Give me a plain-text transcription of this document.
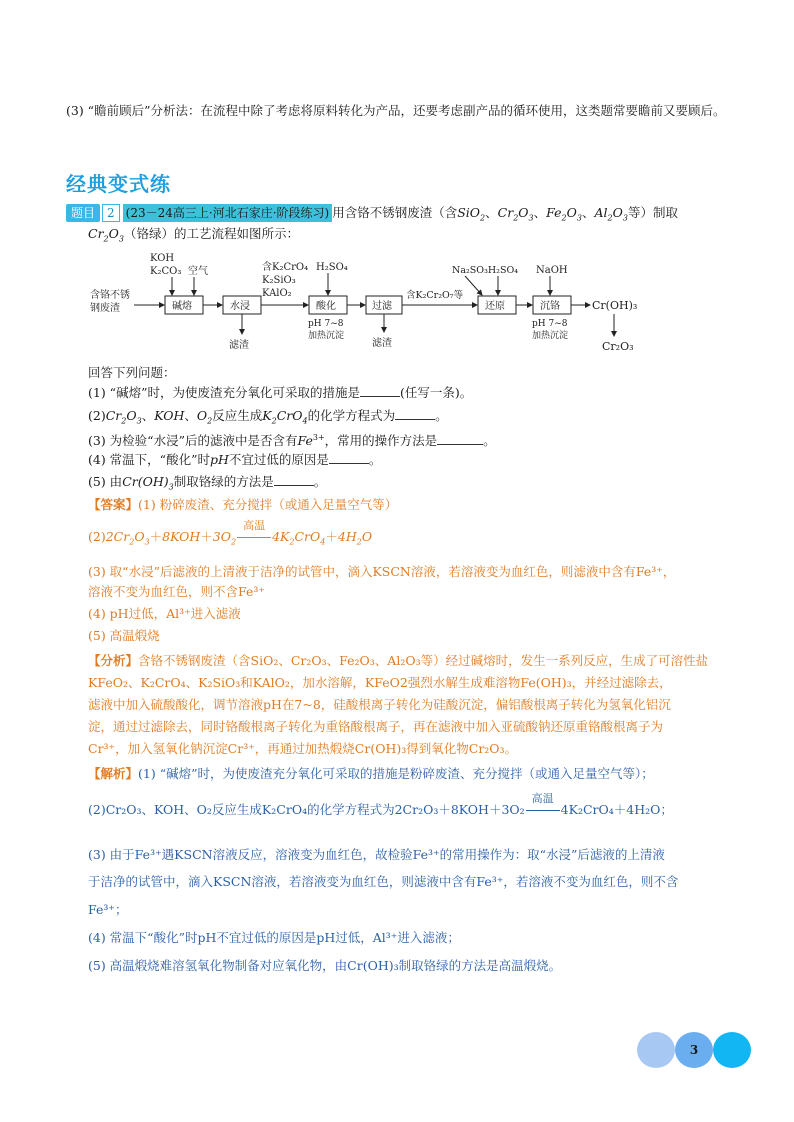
(3) “瞻前顾后”分析法：在流程中除了考虑将原料转化为产品，还要考虑副产品的循环使用，这类题常要瞻前又要顾后。
经典变式练
题目 2 (23－24高三上·河北石家庄·阶段练习) 用含铬不锈钢废渣（含SiO$_2$、$Cr_2O_3$、$Fe_2O_3$、$Al_2O_3$等）制取
$Cr_2O_3$（铬绿）的工艺流程如图所示：
含铬不锈
钢废渣	碱熔
KOH
K₂CO₃ 空气
水浸
滤渣
含K₂CrO₄
K₂SiO₃
KAlO₂
H₂SO₄
酸化
pH 7~8
加热沉淀
过滤
滤渣
含K₂Cr₂O₇等
Na₂SO₃H₂SO₄
还原
NaOH
沉铬
pH 7~8
加热沉淀
Cr(OH)₃
Cr₂O₃
回答下列问题：
(1) “碱熔”时，为使废渣充分氧化可采取的措施是	(任写一条)。
$(2)Cr_2O_3$、KOH、$O_2$反应生成$K_2CrO_4$的化学方程式为	。
(3) 为检验“水浸”后的滤液中是否含有$Fe^{3+}$，常用的操作方法是	。
(4) 常温下，“酸化”时pH不宜过低的原因是	。
(5) 由$Cr(OH)_3$制取铬绿的方法是	。
【答案】(1) 粉碎废渣、充分搅拌（或通入足量空气等）
$(2)2Cr_2O_3+8KOH+3O_2$
高温
$4K_2CrO_4+4H_2O$
(3) 取“水浸”后滤液的上清液于洁净的试管中，滴入KSCN溶液，若溶液变为血红色，则滤液中含有Fe³⁺，
溶液不变为血红色，则不含Fe³⁺
(4) pH过低，Al³⁺进入滤液
(5) 高温煅烧
【分析】含铬不锈钢废渣（含SiO₂、Cr₂O₃、Fe₂O₃、Al₂O₃等）经过碱熔时，发生一系列反应，生成了可溶性盐
KFeO₂、K₂CrO₄、K₂SiO₃和KAlO₂，加水溶解，KFeO2强烈水解生成难溶物Fe(OH)₃，并经过滤除去，
滤液中加入硫酸酸化，调节溶液pH在7~8，硅酸根离子转化为硅酸沉淀，偏铝酸根离子转化为氢氧化铝沉
淀，通过过滤除去，同时铬酸根离子转化为重铬酸根离子，再在滤液中加入亚硫酸钠还原重铬酸根离子为
Cr³⁺，加入氢氧化钠沉淀Cr³⁺，再通过加热煅烧Cr(OH)₃得到氧化物Cr₂O₃。
【解析】(1) “碱熔”时，为使废渣充分氧化可采取的措施是粉碎废渣、充分搅拌（或通入足量空气等）；
(2)Cr₂O₃、KOH、O₂反应生成K₂CrO₄的化学方程式为2Cr₂O₃＋8KOH＋3O₂
高温
4K₂CrO₄＋4H₂O；
(3) 由于Fe³⁺遇KSCN溶液反应，溶液变为血红色，故检验Fe³⁺的常用操作为：取“水浸”后滤液的上清液
于洁净的试管中，滴入KSCN溶液，若溶液变为血红色，则滤液中含有Fe³⁺，若溶液不变为血红色，则不含
Fe³⁺；
(4) 常温下“酸化”时pH不宜过低的原因是pH过低，Al³⁺进入滤液；
(5) 高温煅烧难溶氢氧化物制备对应氧化物，由Cr(OH)₃制取铬绿的方法是高温煅烧。
3
